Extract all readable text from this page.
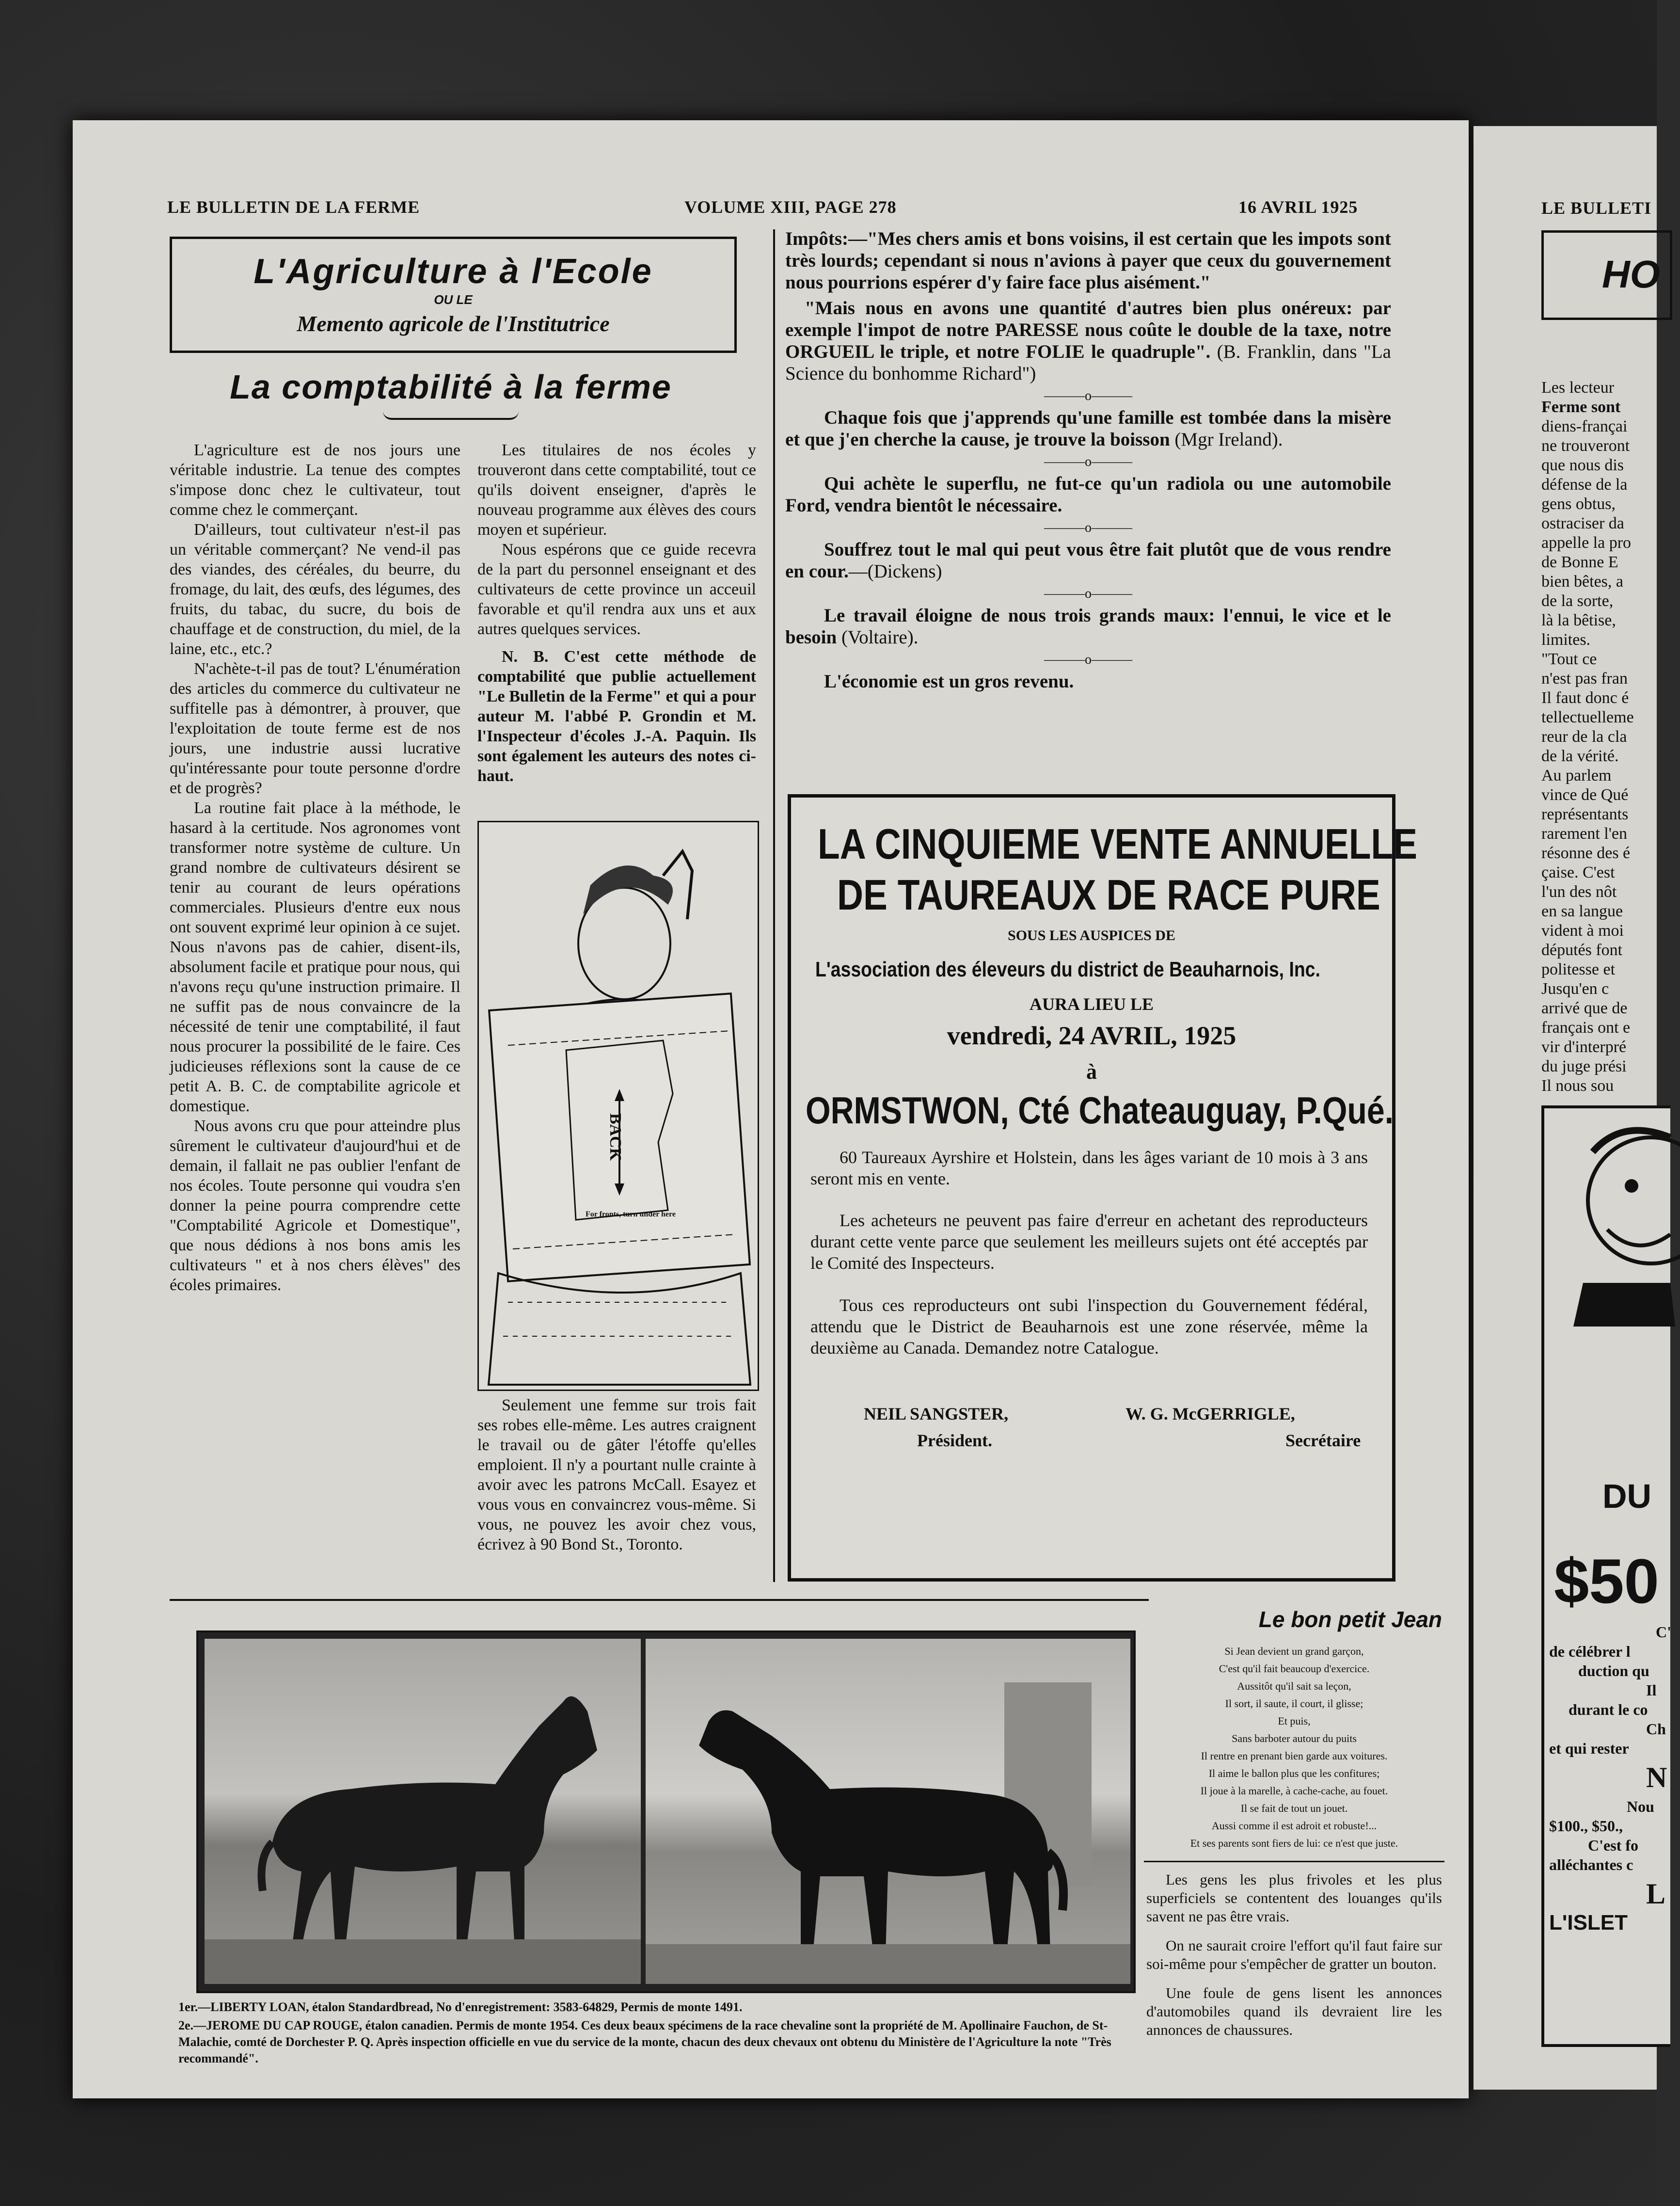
LE BULLETIN DE LA FERME	VOLUME XIII, PAGE 278	16 AVRIL 1925
L'Agriculture à l'Ecole
OU LE
Memento agricole de l'Institutrice
La comptabilité à la ferme

L'agriculture est de nos jours une véritable industrie. La tenue des comptes s'impose donc chez le cultivateur, tout comme chez le commerçant.

D'ailleurs, tout cultivateur n'est-il pas un véritable commerçant? Ne vend-il pas des viandes, des céréales, du beurre, du fromage, du lait, des œufs, des légumes, des fruits, du tabac, du sucre, du bois de chauffage et de construction, du miel, de la laine, etc., etc.?

N'achète-t-il pas de tout? L'énumération des articles du commerce du cultivateur ne suffitelle pas à démontrer, à prouver, que l'exploitation de toute ferme est de nos jours, une industrie aussi lucrative qu'intéressante pour toute personne d'ordre et de progrès?

La routine fait place à la méthode, le hasard à la certitude. Nos agronomes vont transformer notre système de culture. Un grand nombre de cultivateurs désirent se tenir au courant de leurs opérations commerciales. Plusieurs d'entre eux nous ont souvent exprimé leur opinion à ce sujet. Nous n'avons pas de cahier, disent-ils, absolument facile et pratique pour nous, qui n'avons reçu qu'une instruction primaire. Il ne suffit pas de nous convaincre de la nécessité de tenir une comptabilité, il faut nous procurer la possibilité de le faire. Ces judicieuses réflexions sont la cause de ce petit A. B. C. de comptabilite agricole et domestique.

Nous avons cru que pour atteindre plus sûrement le cultivateur d'aujourd'hui et de demain, il fallait ne pas oublier l'enfant de nos écoles. Toute personne qui voudra s'en donner la peine pourra comprendre cette "Comptabilité Agricole et Domestique", que nous dédions à nos bons amis les cultivateurs " et à nos chers élèves" des écoles primaires.

Les titulaires de nos écoles y trouveront dans cette comptabilité, tout ce qu'ils doivent enseigner, d'après le nouveau programme aux élèves des cours moyen et supérieur.

Nous espérons que ce guide recevra de la part du personnel enseignant et des cultivateurs de cette province un acceuil favorable et qu'il rendra aux uns et aux autres quelques services.

N. B. C'est cette méthode de comptabilité que publie actuellement "Le Bulletin de la Ferme" et qui a pour auteur M. l'abbé P. Grondin et M. l'Inspecteur d'écoles J.-A. Paquin. Ils sont également les auteurs des notes ci-haut.

BACK
For fronts, turn under here

Seulement une femme sur trois fait ses robes elle-même. Les autres craignent le travail ou de gâter l'étoffe qu'elles emploient. Il n'y a pourtant nulle crainte à avoir avec les patrons McCall. Esayez et vous vous en convaincrez vous-même. Si vous, ne pouvez les avoir chez vous, écrivez à 90 Bond St., Toronto.

Impôts:—"Mes chers amis et bons voisins, il est certain que les impots sont très lourds; cependant si nous n'avions à payer que ceux du gouvernement nous pourrions espérer d'y faire face plus aisément."

"Mais nous en avons une quantité d'autres bien plus onéreux: par exemple l'impot de notre PARESSE nous coûte le double de la taxe, notre ORGUEIL le triple, et notre FOLIE le quadruple". (B. Franklin, dans "La Science du bonhomme Richard")

———o———

Chaque fois que j'apprends qu'une famille est tombée dans la misère et que j'en cherche la cause, je trouve la boisson (Mgr Ireland).

———o———

Qui achète le superflu, ne fut-ce qu'un radiola ou une automobile Ford, vendra bientôt le nécessaire.

———o———

Souffrez tout le mal qui peut vous être fait plutôt que de vous rendre en cour.—(Dickens)

———o———

Le travail éloigne de nous trois grands maux: l'ennui, le vice et le besoin (Voltaire).

———o———

L'économie est un gros revenu.

LA CINQUIEME VENTE ANNUELLE
DE TAUREAUX DE RACE PURE
SOUS LES AUSPICES DE
L'association des éleveurs du district de Beauharnois, Inc.
AURA LIEU LE
vendredi, 24 AVRIL, 1925
à
ORMSTWON, Cté Chateauguay, P.Qué.
60 Taureaux Ayrshire et Holstein, dans les âges variant de 10 mois à 3 ans seront mis en vente.
Les acheteurs ne peuvent pas faire d'erreur en achetant des reproducteurs durant cette vente parce que seulement les meilleurs sujets ont été acceptés par le Comité des Inspecteurs.
Tous ces reproducteurs ont subi l'inspection du Gouvernement fédéral, attendu que le District de Beauharnois est une zone réservée, même la deuxième au Canada. Demandez notre Catalogue.
NEIL SANGSTER,
Président.
W. G. McGERRIGLE,
Secrétaire
1er.—LIBERTY LOAN, étalon Standardbread, No d'enregistrement: 3583-64829, Permis de monte 1491.
2e.—JEROME DU CAP ROUGE, étalon canadien. Permis de monte 1954. Ces deux beaux spécimens de la race chevaline sont la propriété de M. Apollinaire Fauchon, de St-Malachie, comté de Dorchester P. Q. Après inspection officielle en vue du service de la monte, chacun des deux chevaux ont obtenu du Ministère de l'Agriculture la note "Très recommandé".
Le bon petit Jean
Si Jean devient un grand garçon,
C'est qu'il fait beaucoup d'exercice.
Aussitôt qu'il sait sa leçon,
Il sort, il saute, il court, il glisse;
Et puis,
Sans barboter autour du puits
Il rentre en prenant bien garde aux voitures.
Il aime le ballon plus que les confitures;
Il joue à la marelle, à cache-cache, au fouet.
Il se fait de tout un jouet.
Aussi comme il est adroit et robuste!...
Et ses parents sont fiers de lui: ce n'est que juste.

Les gens les plus frivoles et les plus superficiels se contentent des louanges qu'ils savent ne pas être vrais.

On ne saurait croire l'effort qu'il faut faire sur soi-même pour s'empêcher de gratter un bouton.

Une foule de gens lisent les annonces d'automobiles quand ils devraient lire les annonces de chaussures.

LE BULLETI
HO
Les lecteur
Ferme sont
diens-françai
ne trouveront
que nous dis
défense de la
gens obtus,
ostraciser da
appelle la pro
de Bonne E
bien bêtes, a
de la sorte,
là la bêtise,
limites.
"Tout ce
n'est pas fran
Il faut donc é
tellectuelleme
reur de la cla
de la vérité.
Au parlem
vince de Qué
représentants
rarement l'en
résonne des é
çaise. C'est
l'un des nôt
en sa langue
vident à moi
députés font
politesse et
Jusqu'en c
arrivé que de
français ont e
vir d'interpré
du juge prési
Il nous sou
DU
$50
C'
de célébrer l
duction qu
Il
durant le co
Ch
et qui rester
N
Nou
$100., $50.,
C'est fo
alléchantes c
L
L'ISLET
